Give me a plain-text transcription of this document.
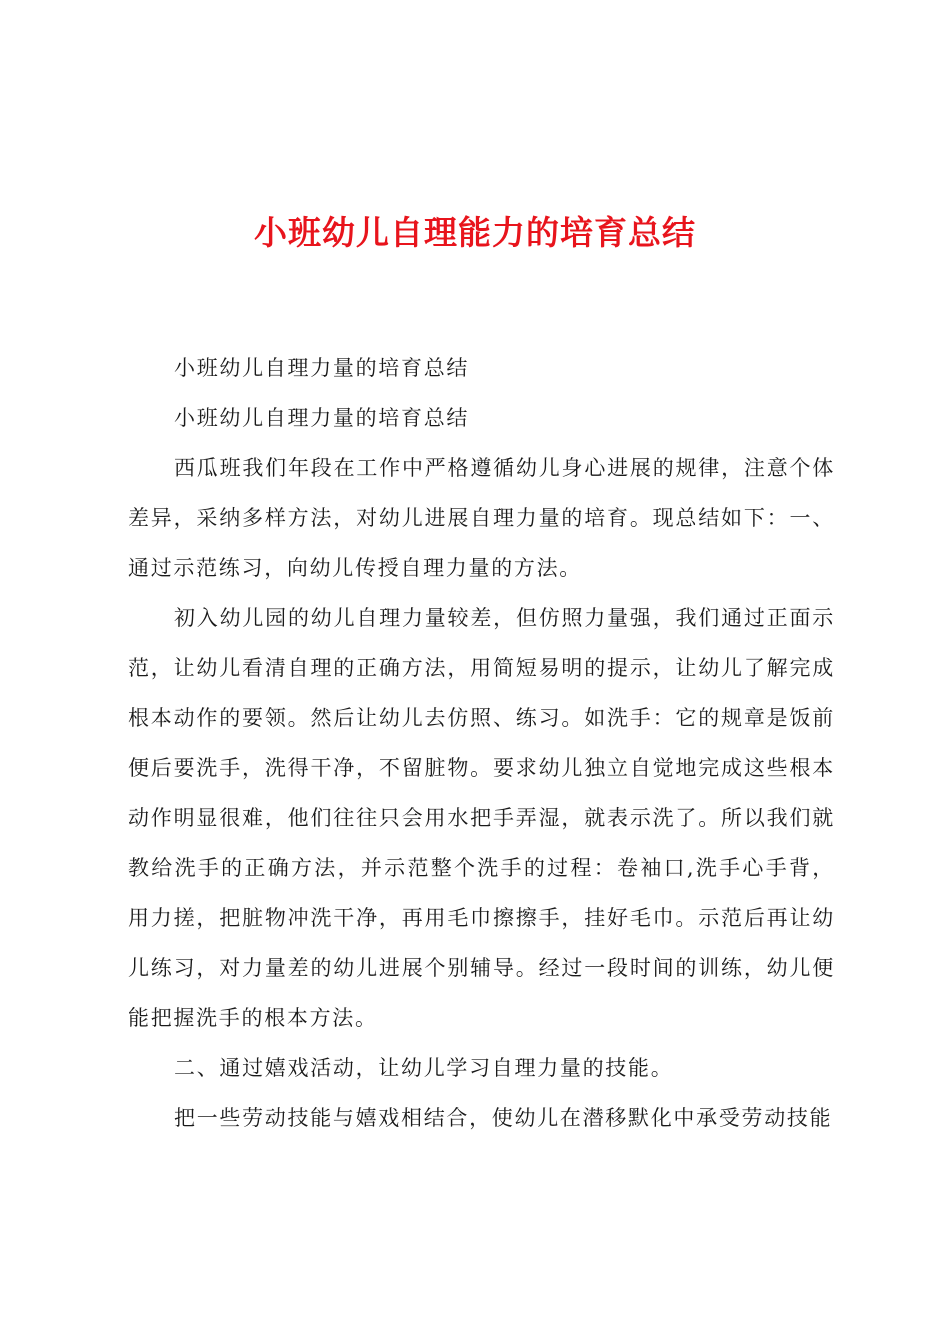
小班幼儿自理能力的培育总结

小班幼儿自理力量的培育总结

小班幼儿自理力量的培育总结

西瓜班我们年段在工作中严格遵循幼儿身心进展的规律，注意个体差异，采纳多样方法，对幼儿进展自理力量的培育。现总结如下：一、通过示范练习，向幼儿传授自理力量的方法。

初入幼儿园的幼儿自理力量较差，但仿照力量强，我们通过正面示范，让幼儿看清自理的正确方法，用简短易明的提示，让幼儿了解完成根本动作的要领。然后让幼儿去仿照、练习。如洗手：它的规章是饭前便后要洗手，洗得干净，不留脏物。要求幼儿独立自觉地完成这些根本动作明显很难，他们往往只会用水把手弄湿，就表示洗了。所以我们就教给洗手的正确方法，并示范整个洗手的过程：卷袖口,洗手心手背，用力搓，把脏物冲洗干净，再用毛巾擦擦手，挂好毛巾。示范后再让幼儿练习，对力量差的幼儿进展个别辅导。经过一段时间的训练，幼儿便能把握洗手的根本方法。

二、通过嬉戏活动，让幼儿学习自理力量的技能。

把一些劳动技能与嬉戏相结合，使幼儿在潜移默化中承受劳动技能
